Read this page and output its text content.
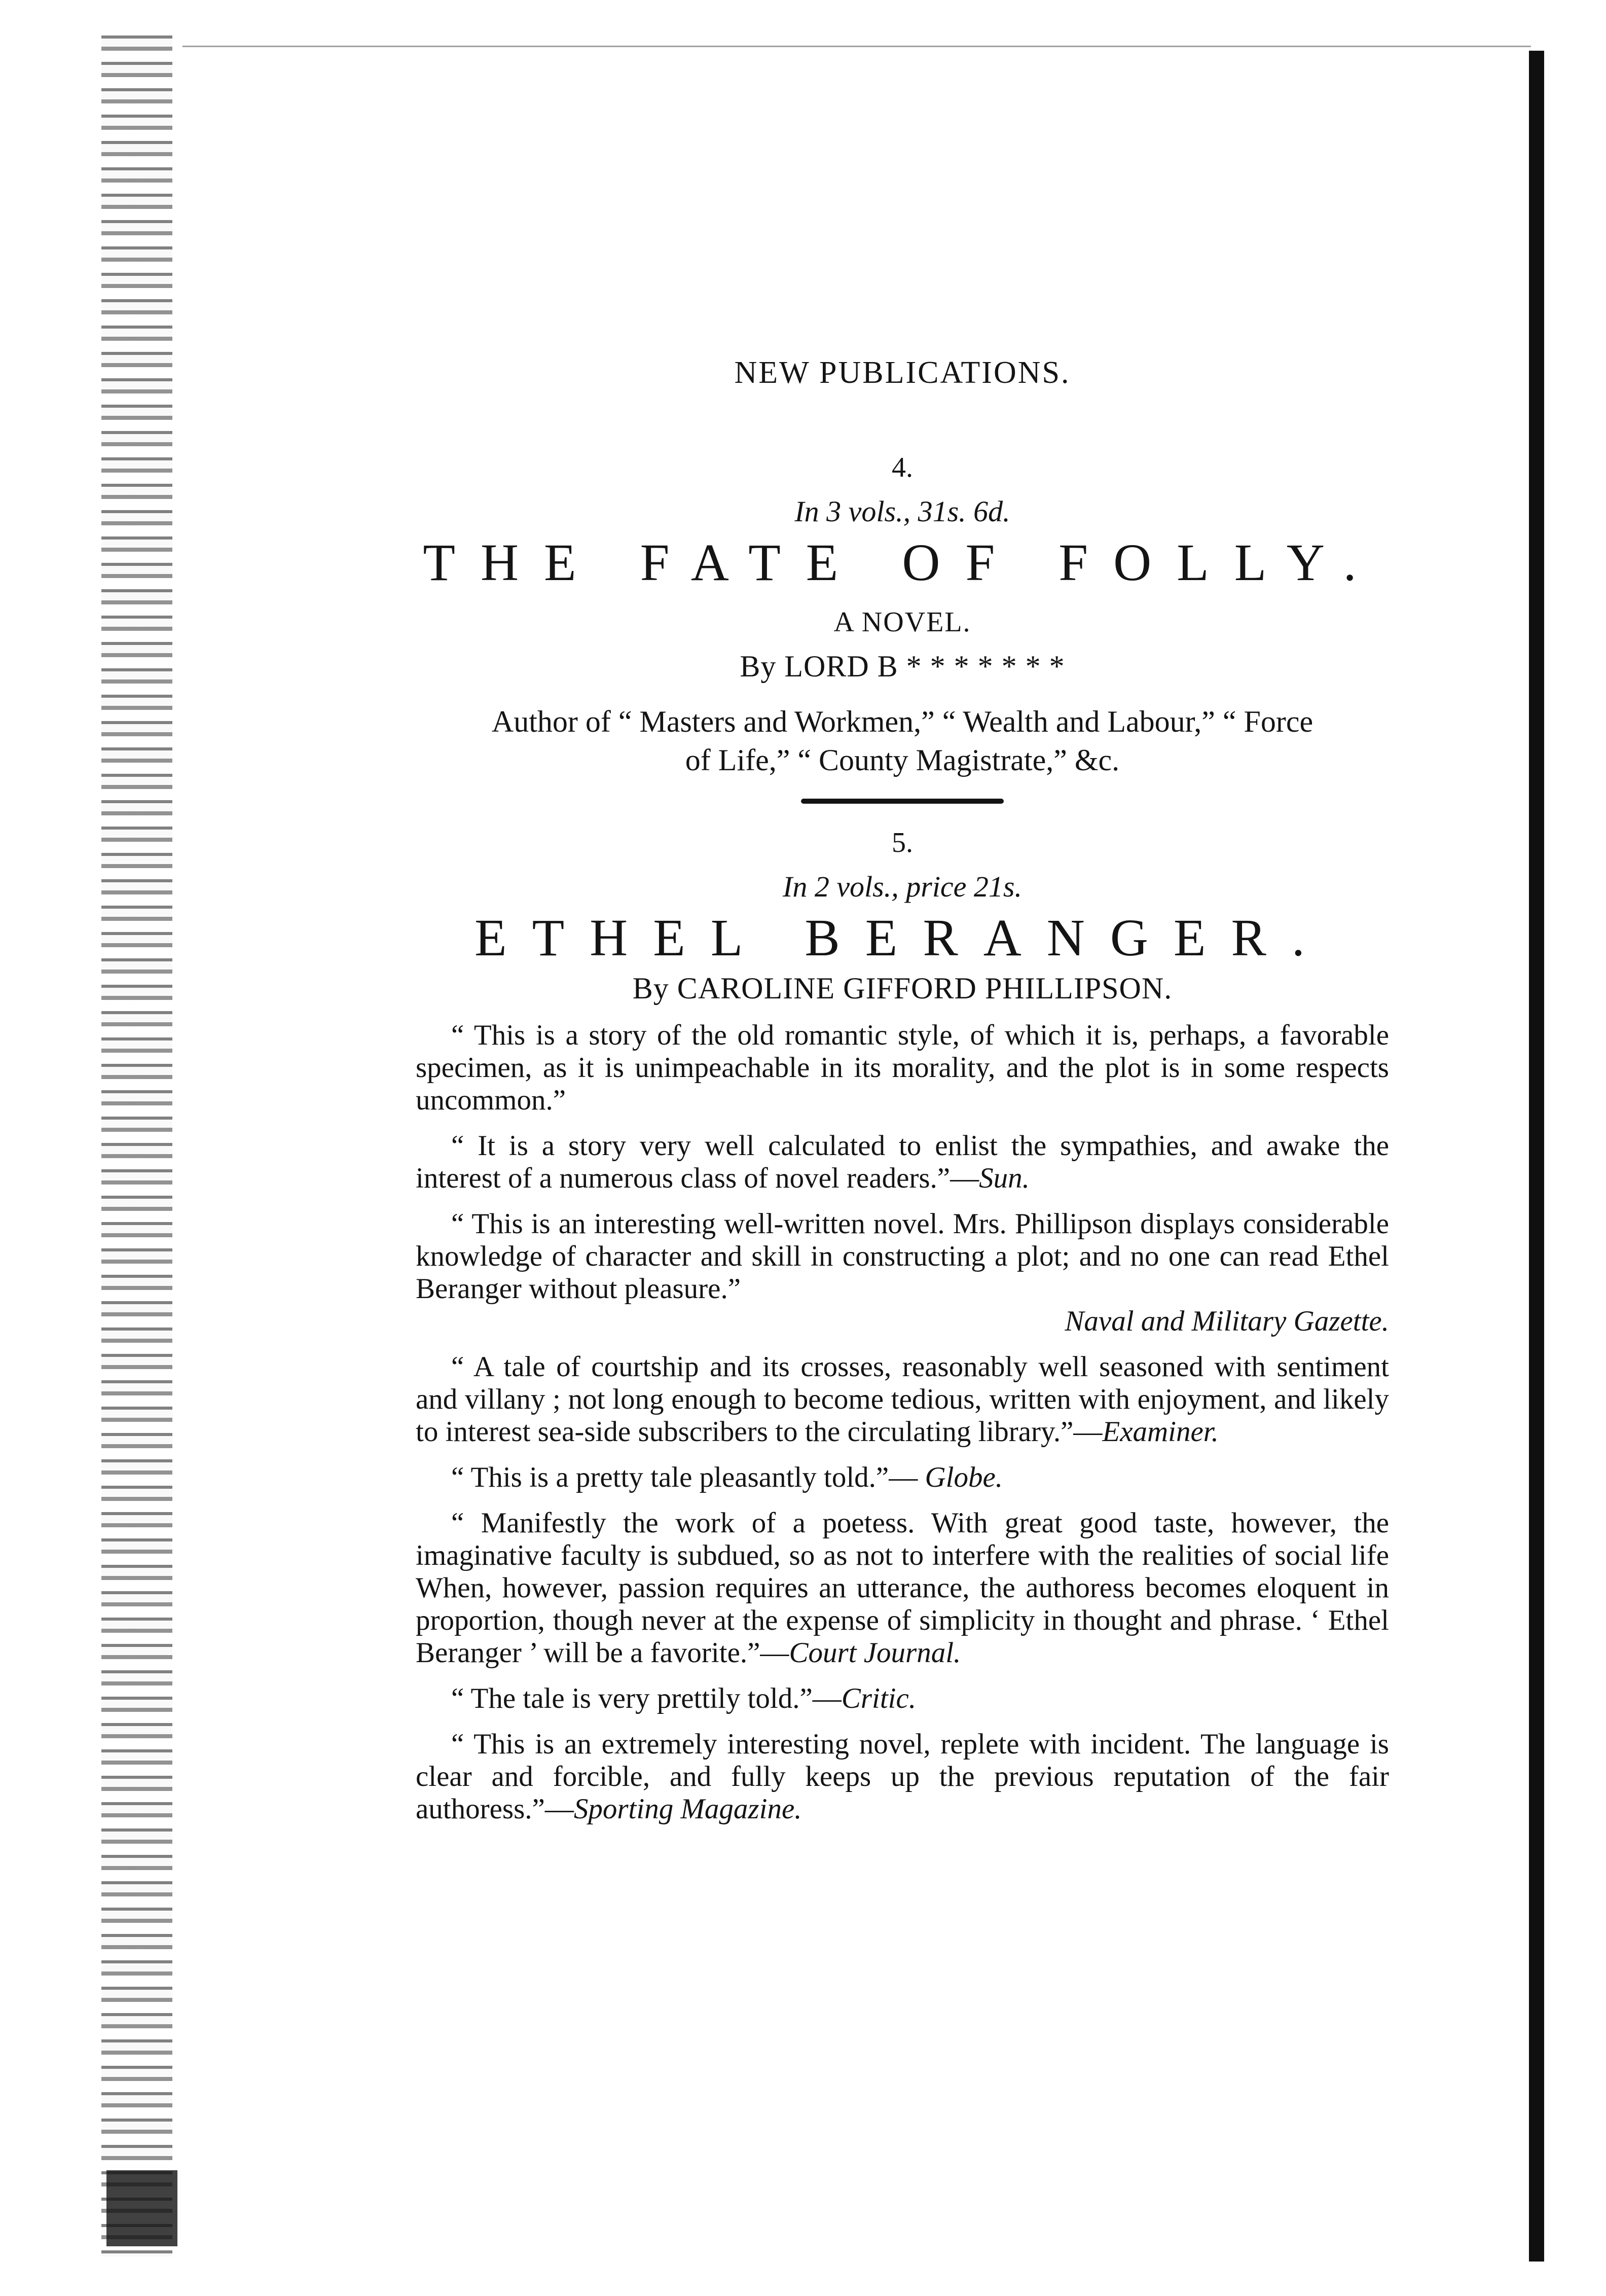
NEW PUBLICATIONS.
4.
In 3 vols., 31s. 6d.
THE FATE OF FOLLY.
A NOVEL.
By LORD B * * * * * * *
Author of “ Masters and Workmen,” “ Wealth and Labour,” “ Force
of Life,” “ County Magistrate,” &c.
5.
In 2 vols., price 21s.
ETHEL BERANGER.
By CAROLINE GIFFORD PHILLIPSON.

“ This is a story of the old romantic style, of which it is, perhaps, a favorable specimen, as it is unimpeachable in its morality, and the plot is in some respects uncommon.”

“ It is a story very well calculated to enlist the sympathies, and awake the interest of a numerous class of novel readers.”—Sun.

“ This is an interesting well-written novel. Mrs. Phillipson displays considerable knowledge of character and skill in constructing a plot; and no one can read Ethel Beranger without pleasure.”
Naval and Military Gazette.

“ A tale of courtship and its crosses, reasonably well seasoned with sentiment and villany ; not long enough to become tedious, written with enjoyment, and likely to interest sea-side subscribers to the circulating library.”—Examiner.

“ This is a pretty tale pleasantly told.”— Globe.

“ Manifestly the work of a poetess. With great good taste, however, the imaginative faculty is subdued, so as not to interfere with the realities of social life When, however, passion requires an utterance, the authoress becomes eloquent in proportion, though never at the expense of simplicity in thought and phrase. ‘ Ethel Beranger ’ will be a favorite.”—Court Journal.

“ The tale is very prettily told.”—Critic.

“ This is an extremely interesting novel, replete with incident. The language is clear and forcible, and fully keeps up the previous reputation of the fair authoress.”—Sporting Magazine.
